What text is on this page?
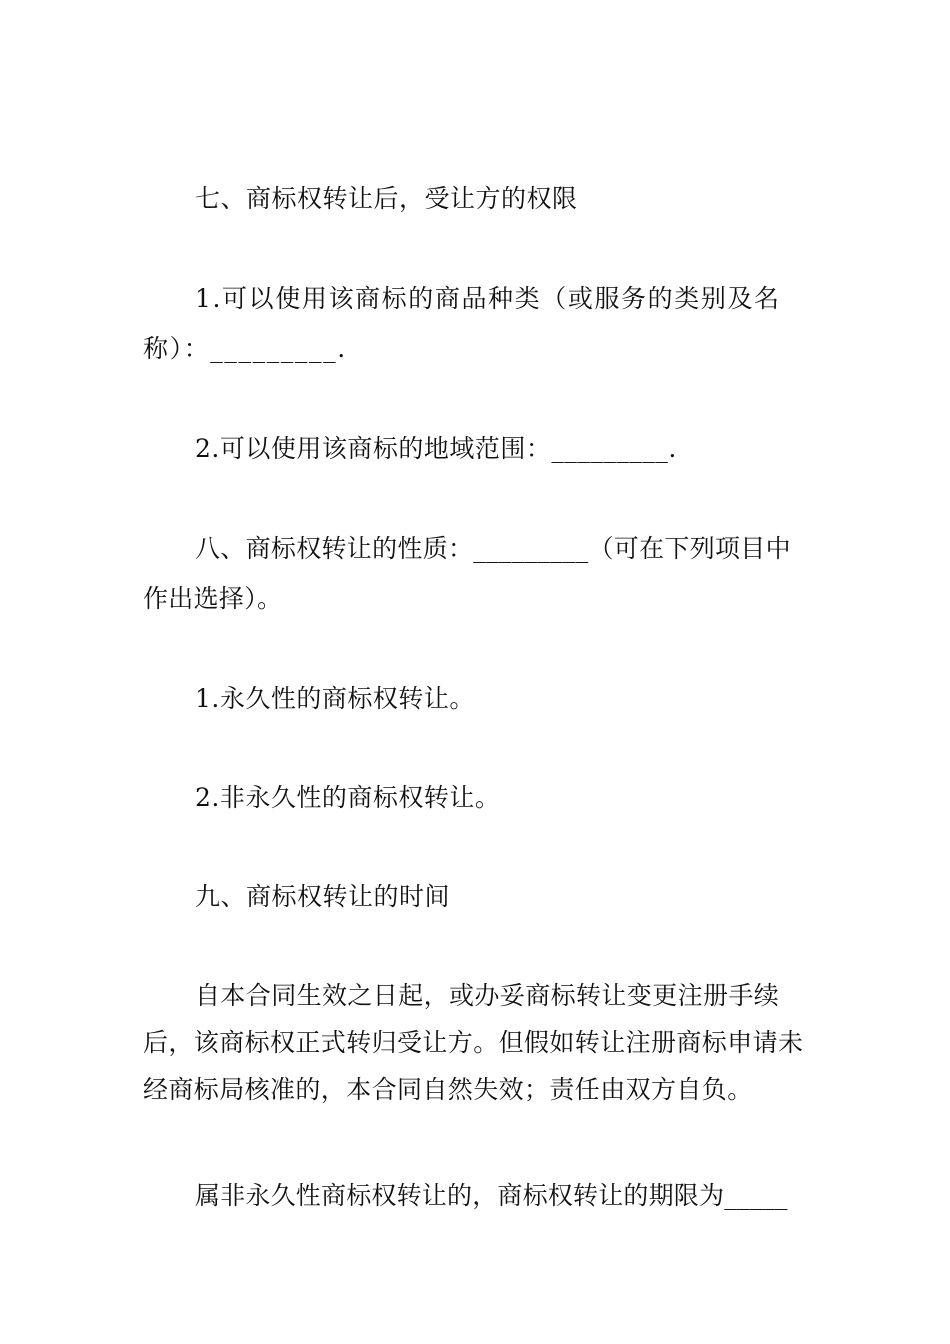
七、商标权转让后，受让方的权限

1.可以使用该商标的商品种类（或服务的类别及名称）：_________.

2.可以使用该商标的地域范围：_________.

八、商标权转让的性质：_________（可在下列项目中作出选择）。

1.永久性的商标权转让。

2.非永久性的商标权转让。

九、商标权转让的时间

自本合同生效之日起，或办妥商标转让变更注册手续后，该商标权正式转归受让方。但假如转让注册商标申请未经商标局核准的，本合同自然失效；责任由双方自负。

属非永久性商标权转让的，商标权转让的期限为_____
